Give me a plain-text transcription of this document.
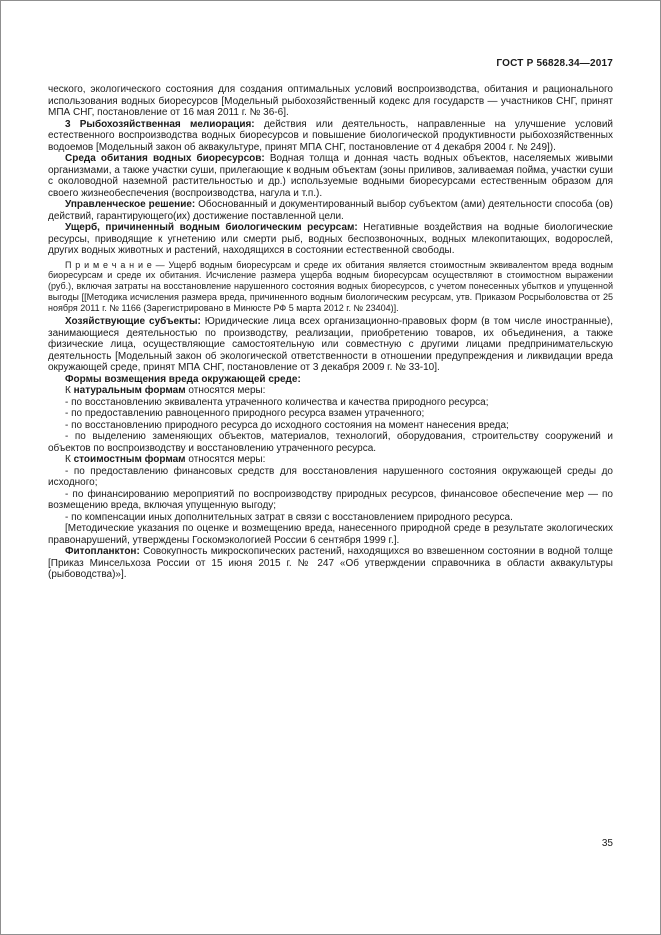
ГОСТ Р 56828.34—2017

ческого, экологического состояния для создания оптимальных условий воспроизводства, обитания и рационального использования водных биоресурсов [Модельный рыбохозяйственный кодекс для государств — участников СНГ, принят МПА СНГ, постановление от 16 мая 2011 г. № 36-6].

3 Рыбохозяйственная мелиорация: действия или деятельность, направленные на улучшение условий естественного воспроизводства водных биоресурсов и повышение биологической продуктивности рыбохозяйственных водоемов [Модельный закон об аквакультуре, принят МПА СНГ, постановление от 4 декабря 2004 г. № 249]).

Среда обитания водных биоресурсов: Водная толща и донная часть водных объектов, населяемых живыми организмами, а также участки суши, прилегающие к водным объектам (зоны приливов, заливаемая пойма, участки суши с околоводной наземной растительностью и др.) используемые водными биоресурсами естественным образом для своего жизнеобеспечения (воспроизводства, нагула и т.п.).

Управленческое решение: Обоснованный и документированный выбор субъектом (ами) деятельности способа (ов) действий, гарантирующего(их) достижение поставленной цели.

Ущерб, причиненный водным биологическим ресурсам: Негативные воздействия на водные биологические ресурсы, приводящие к угнетению или смерти рыб, водных беспозвоночных, водных млекопитающих, водорослей, других водных животных и растений, находящихся в состоянии естественной свободы.

П р и м е ч а н и е — Ущерб водным биоресурсам и среде их обитания является стоимостным эквивалентом вреда водным биоресурсам и среде их обитания. Исчисление размера ущерба водным биоресурсам осуществляют в стоимостном выражении (руб.), включая затраты на восстановление нарушенного состояния водных биоресурсов, с учетом понесенных убытков и упущенной выгоды [[Методика исчисления размера вреда, причиненного водным биологическим ресурсам, утв. Приказом Росрыболовства от 25 ноября 2011 г. № 1166 (Зарегистрировано в Минюсте РФ 5 марта 2012 г. № 23404)].

Хозяйствующие субъекты: Юридические лица всех организационно-правовых форм (в том числе иностранные), занимающиеся деятельностью по производству, реализации, приобретению товаров, их объединения, а также физические лица, осуществляющие самостоятельную или совместную с другими лицами предпринимательскую деятельность [Модельный закон об экологической ответственности в отношении предупреждения и ликвидации вреда окружающей среде, принят МПА СНГ, постановление от 3 декабря 2009 г. № 33-10].

Формы возмещения вреда окружающей среде:

К натуральным формам относятся меры:

- по восстановлению эквивалента утраченного количества и качества природного ресурса;

- по предоставлению равноценного природного ресурса взамен утраченного;

- по восстановлению природного ресурса до исходного состояния на момент нанесения вреда;

- по выделению заменяющих объектов, материалов, технологий, оборудования, строительству сооружений и объектов по воспроизводству и восстановлению утраченного ресурса.

К стоимостным формам относятся меры:

- по предоставлению финансовых средств для восстановления нарушенного состояния окружающей среды до исходного;

- по финансированию мероприятий по воспроизводству природных ресурсов, финансовое обеспечение мер — по возмещению вреда, включая упущенную выгоду;

- по компенсации иных дополнительных затрат в связи с восстановлением природного ресурса.

[Методические указания по оценке и возмещению вреда, нанесенного природной среде в результате экологических правонарушений, утверждены Госкомэкологией России 6 сентября 1999 г.].

Фитопланктон: Совокупность микроскопических растений, находящихся во взвешенном состоянии в водной толще [Приказ Минсельхоза России от 15 июня 2015 г. № 247 «Об утверждении справочника в области аквакультуры (рыбоводства)»].

35
